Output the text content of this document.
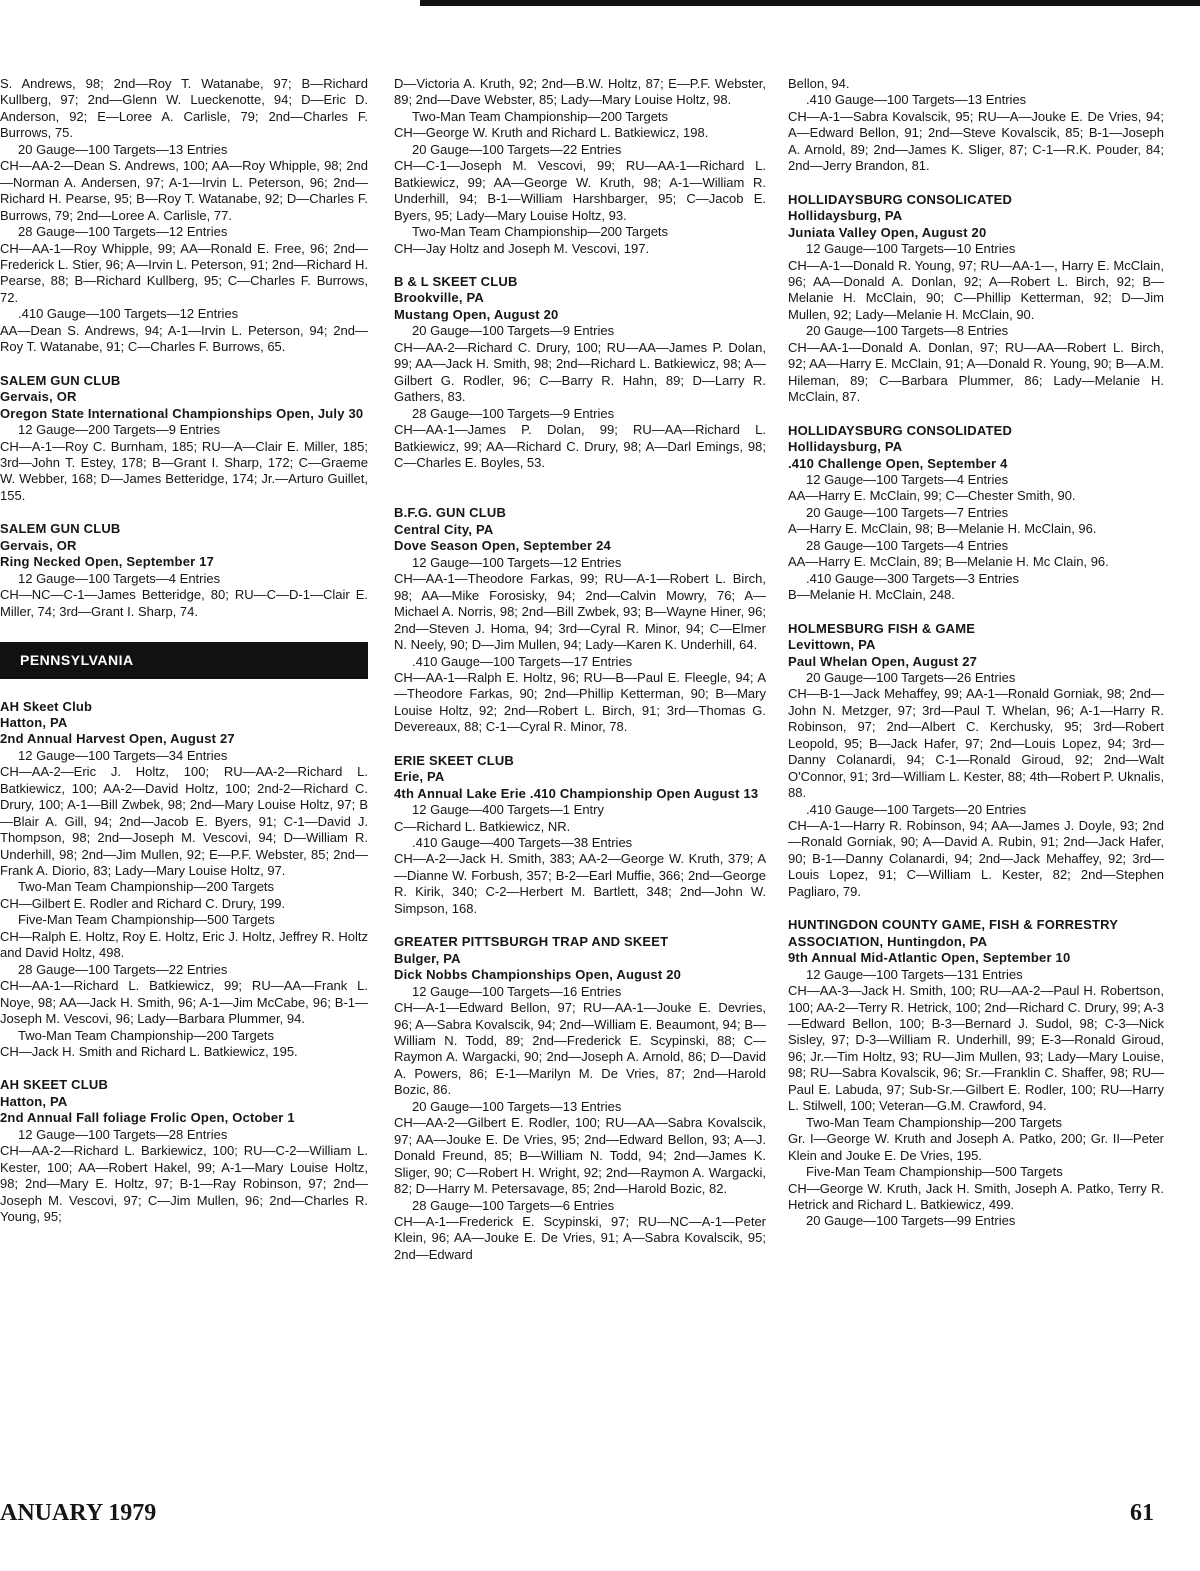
S. Andrews, 98; 2nd—Roy T. Watanabe, 97; B—Richard Kullberg, 97; 2nd—Glenn W. Lueckenotte, 94; D—Eric D. Anderson, 92; E—Loree A. Carlisle, 79; 2nd—Charles F. Burrows, 75.

20 Gauge—100 Targets—13 Entries

CH—AA-2—Dean S. Andrews, 100; AA—Roy Whipple, 98; 2nd—Norman A. Andersen, 97; A-1—Irvin L. Peterson, 96; 2nd—Richard H. Pearse, 95; B—Roy T. Watanabe, 92; D—Charles F. Burrows, 79; 2nd—Loree A. Carlisle, 77.

28 Gauge—100 Targets—12 Entries

CH—AA-1—Roy Whipple, 99; AA—Ronald E. Free, 96; 2nd—Frederick L. Stier, 96; A—Irvin L. Peterson, 91; 2nd—Richard H. Pearse, 88; B—Richard Kullberg, 95; C—Charles F. Burrows, 72.

.410 Gauge—100 Targets—12 Entries

AA—Dean S. Andrews, 94; A-1—Irvin L. Peterson, 94; 2nd—Roy T. Watanabe, 91; C—Charles F. Burrows, 65.

SALEM GUN CLUB

Gervais, OR

Oregon State International Championships Open, July 30

12 Gauge—200 Targets—9 Entries

CH—A-1—Roy C. Burnham, 185; RU—A—Clair E. Miller, 185; 3rd—John T. Estey, 178; B—Grant I. Sharp, 172; C—Graeme W. Webber, 168; D—James Betteridge, 174; Jr.—Arturo Guillet, 155.

SALEM GUN CLUB

Gervais, OR

Ring Necked Open, September 17

12 Gauge—100 Targets—4 Entries

CH—NC—C-1—James Betteridge, 80; RU—C—D-1—Clair E. Miller, 74; 3rd—Grant I. Sharp, 74.

PENNSYLVANIA

AH Skeet Club

Hatton, PA

2nd Annual Harvest Open, August 27

12 Gauge—100 Targets—34 Entries

CH—AA-2—Eric J. Holtz, 100; RU—AA-2—Richard L. Batkiewicz, 100; AA-2—David Holtz, 100; 2nd-2—Richard C. Drury, 100; A-1—Bill Zwbek, 98; 2nd—Mary Louise Holtz, 97; B—Blair A. Gill, 94; 2nd—Jacob E. Byers, 91; C-1—David J. Thompson, 98; 2nd—Joseph M. Vescovi, 94; D—William R. Underhill, 98; 2nd—Jim Mullen, 92; E—P.F. Webster, 85; 2nd—Frank A. Diorio, 83; Lady—Mary Louise Holtz, 97.

Two-Man Team Championship—200 Targets

CH—Gilbert E. Rodler and Richard C. Drury, 199.

Five-Man Team Championship—500 Targets

CH—Ralph E. Holtz, Roy E. Holtz, Eric J. Holtz, Jeffrey R. Holtz and David Holtz, 498.

28 Gauge—100 Targets—22 Entries

CH—AA-1—Richard L. Batkiewicz, 99; RU—AA—Frank L. Noye, 98; AA—Jack H. Smith, 96; A-1—Jim McCabe, 96; B-1—Joseph M. Vescovi, 96; Lady—Barbara Plummer, 94.

Two-Man Team Championship—200 Targets

CH—Jack H. Smith and Richard L. Batkiewicz, 195.

AH SKEET CLUB

Hatton, PA

2nd Annual Fall foliage Frolic Open, October 1

12 Gauge—100 Targets—28 Entries

CH—AA-2—Richard L. Barkiewicz, 100; RU—C-2—William L. Kester, 100; AA—Robert Hakel, 99; A-1—Mary Louise Holtz, 98; 2nd—Mary E. Holtz, 97; B-1—Ray Robinson, 97; 2nd—Joseph M. Vescovi, 97; C—Jim Mullen, 96; 2nd—Charles R. Young, 95;

D—Victoria A. Kruth, 92; 2nd—B.W. Holtz, 87; E—P.F. Webster, 89; 2nd—Dave Webster, 85; Lady—Mary Louise Holtz, 98.

Two-Man Team Championship—200 Targets

CH—George W. Kruth and Richard L. Batkiewicz, 198.

20 Gauge—100 Targets—22 Entries

CH—C-1—Joseph M. Vescovi, 99; RU—AA-1—Richard L. Batkiewicz, 99; AA—George W. Kruth, 98; A-1—William R. Underhill, 94; B-1—William Harshbarger, 95; C—Jacob E. Byers, 95; Lady—Mary Louise Holtz, 93.

Two-Man Team Championship—200 Targets

CH—Jay Holtz and Joseph M. Vescovi, 197.

B & L SKEET CLUB

Brookville, PA

Mustang Open, August 20

20 Gauge—100 Targets—9 Entries

CH—AA-2—Richard C. Drury, 100; RU—AA—James P. Dolan, 99; AA—Jack H. Smith, 98; 2nd—Richard L. Batkiewicz, 98; A—Gilbert G. Rodler, 96; C—Barry R. Hahn, 89; D—Larry R. Gathers, 83.

28 Gauge—100 Targets—9 Entries

CH—AA-1—James P. Dolan, 99; RU—AA—Richard L. Batkiewicz, 99; AA—Richard C. Drury, 98; A—Darl Emings, 98; C—Charles E. Boyles, 53.

B.F.G. GUN CLUB

Central City, PA

Dove Season Open, September 24

12 Gauge—100 Targets—12 Entries

CH—AA-1—Theodore Farkas, 99; RU—A-1—Robert L. Birch, 98; AA—Mike Forosisky, 94; 2nd—Calvin Mowry, 76; A—Michael A. Norris, 98; 2nd—Bill Zwbek, 93; B—Wayne Hiner, 96; 2nd—Steven J. Homa, 94; 3rd—Cyral R. Minor, 94; C—Elmer N. Neely, 90; D—Jim Mullen, 94; Lady—Karen K. Underhill, 64.

.410 Gauge—100 Targets—17 Entries

CH—AA-1—Ralph E. Holtz, 96; RU—B—Paul E. Fleegle, 94; A—Theodore Farkas, 90; 2nd—Phillip Ketterman, 90; B—Mary Louise Holtz, 92; 2nd—Robert L. Birch, 91; 3rd—Thomas G. Devereaux, 88; C-1—Cyral R. Minor, 78.

ERIE SKEET CLUB

Erie, PA

4th Annual Lake Erie .410 Championship Open August 13

12 Gauge—400 Targets—1 Entry

C—Richard L. Batkiewicz, NR.

.410 Gauge—400 Targets—38 Entries

CH—A-2—Jack H. Smith, 383; AA-2—George W. Kruth, 379; A—Dianne W. Forbush, 357; B-2—Earl Muffie, 366; 2nd—George R. Kirik, 340; C-2—Herbert M. Bartlett, 348; 2nd—John W. Simpson, 168.

GREATER PITTSBURGH TRAP AND SKEET

Bulger, PA

Dick Nobbs Championships Open, August 20

12 Gauge—100 Targets—16 Entries

CH—A-1—Edward Bellon, 97; RU—AA-1—Jouke E. Devries, 96; A—Sabra Kovalscik, 94; 2nd—William E. Beaumont, 94; B—William N. Todd, 89; 2nd—Frederick E. Scypinski, 88; C—Raymon A. Wargacki, 90; 2nd—Joseph A. Arnold, 86; D—David A. Powers, 86; E-1—Marilyn M. De Vries, 87; 2nd—Harold Bozic, 86.

20 Gauge—100 Targets—13 Entries

CH—AA-2—Gilbert E. Rodler, 100; RU—AA—Sabra Kovalscik, 97; AA—Jouke E. De Vries, 95; 2nd—Edward Bellon, 93; A—J. Donald Freund, 85; B—William N. Todd, 94; 2nd—James K. Sliger, 90; C—Robert H. Wright, 92; 2nd—Raymon A. Wargacki, 82; D—Harry M. Petersavage, 85; 2nd—Harold Bozic, 82.

28 Gauge—100 Targets—6 Entries

CH—A-1—Frederick E. Scypinski, 97; RU—NC—A-1—Peter Klein, 96; AA—Jouke E. De Vries, 91; A—Sabra Kovalscik, 95; 2nd—Edward

Bellon, 94.

.410 Gauge—100 Targets—13 Entries

CH—A-1—Sabra Kovalscik, 95; RU—A—Jouke E. De Vries, 94; A—Edward Bellon, 91; 2nd—Steve Kovalscik, 85; B-1—Joseph A. Arnold, 89; 2nd—James K. Sliger, 87; C-1—R.K. Pouder, 84; 2nd—Jerry Brandon, 81.

HOLLIDAYSBURG CONSOLICATED

Hollidaysburg, PA

Juniata Valley Open, August 20

12 Gauge—100 Targets—10 Entries

CH—A-1—Donald R. Young, 97; RU—AA-1—, Harry E. McClain, 96; AA—Donald A. Donlan, 92; A—Robert L. Birch, 92; B—Melanie H. McClain, 90; C—Phillip Ketterman, 92; D—Jim Mullen, 92; Lady—Melanie H. McClain, 90.

20 Gauge—100 Targets—8 Entries

CH—AA-1—Donald A. Donlan, 97; RU—AA—Robert L. Birch, 92; AA—Harry E. McClain, 91; A—Donald R. Young, 90; B—A.M. Hileman, 89; C—Barbara Plummer, 86; Lady—Melanie H. McClain, 87.

HOLLIDAYSBURG CONSOLIDATED

Hollidaysburg, PA

.410 Challenge Open, September 4

12 Gauge—100 Targets—4 Entries

AA—Harry E. McClain, 99; C—Chester Smith, 90.

20 Gauge—100 Targets—7 Entries

A—Harry E. McClain, 98; B—Melanie H. McClain, 96.

28 Gauge—100 Targets—4 Entries

AA—Harry E. McClain, 89; B—Melanie H. Mc Clain, 96.

.410 Gauge—300 Targets—3 Entries

B—Melanie H. McClain, 248.

HOLMESBURG FISH & GAME

Levittown, PA

Paul Whelan Open, August 27

20 Gauge—100 Targets—26 Entries

CH—B-1—Jack Mehaffey, 99; AA-1—Ronald Gorniak, 98; 2nd—John N. Metzger, 97; 3rd—Paul T. Whelan, 96; A-1—Harry R. Robinson, 97; 2nd—Albert C. Kerchusky, 95; 3rd—Robert Leopold, 95; B—Jack Hafer, 97; 2nd—Louis Lopez, 94; 3rd—Danny Colanardi, 94; C-1—Ronald Giroud, 92; 2nd—Walt O'Connor, 91; 3rd—William L. Kester, 88; 4th—Robert P. Uknalis, 88.

.410 Gauge—100 Targets—20 Entries

CH—A-1—Harry R. Robinson, 94; AA—James J. Doyle, 93; 2nd—Ronald Gorniak, 90; A—David A. Rubin, 91; 2nd—Jack Hafer, 90; B-1—Danny Colanardi, 94; 2nd—Jack Mehaffey, 92; 3rd—Louis Lopez, 91; C—William L. Kester, 82; 2nd—Stephen Pagliaro, 79.

HUNTINGDON COUNTY GAME, FISH & FORRESTRY ASSOCIATION, Huntingdon, PA

9th Annual Mid-Atlantic Open, September 10

12 Gauge—100 Targets—131 Entries

CH—AA-3—Jack H. Smith, 100; RU—AA-2—Paul H. Robertson, 100; AA-2—Terry R. Hetrick, 100; 2nd—Richard C. Drury, 99; A-3—Edward Bellon, 100; B-3—Bernard J. Sudol, 98; C-3—Nick Sisley, 97; D-3—William R. Underhill, 99; E-3—Ronald Giroud, 96; Jr.—Tim Holtz, 93; RU—Jim Mullen, 93; Lady—Mary Louise, 98; RU—Sabra Kovalscik, 96; Sr.—Franklin C. Shaffer, 98; RU—Paul E. Labuda, 97; Sub-Sr.—Gilbert E. Rodler, 100; RU—Harry L. Stilwell, 100; Veteran—G.M. Crawford, 94.

Two-Man Team Championship—200 Targets

Gr. I—George W. Kruth and Joseph A. Patko, 200; Gr. II—Peter Klein and Jouke E. De Vries, 195.

Five-Man Team Championship—500 Targets

CH—George W. Kruth, Jack H. Smith, Joseph A. Patko, Terry R. Hetrick and Richard L. Batkiewicz, 499.

20 Gauge—100 Targets—99 Entries

ANUARY 1979	61
